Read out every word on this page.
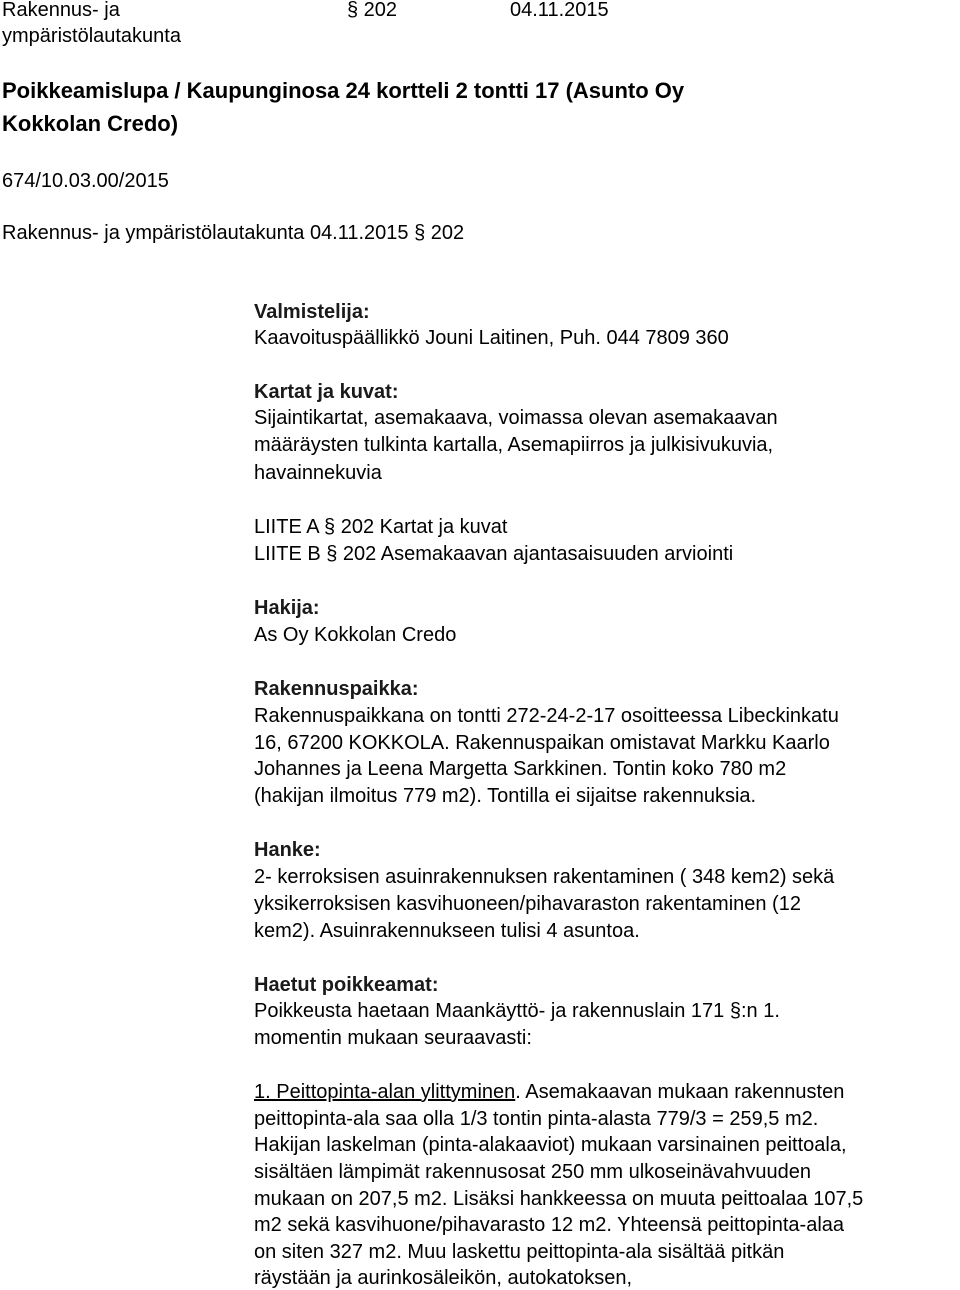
Rakennus- ja
ympäristölautakunta
§ 202	04.11.2015
Poikkeamislupa / Kaupunginosa 24 kortteli 2 tontti 17 (Asunto Oy
Kokkolan Credo)
674/10.03.00/2015
Rakennus- ja ympäristölautakunta 04.11.2015 § 202
Valmistelija:
Kaavoituspäällikkö Jouni Laitinen, Puh. 044 7809 360
Kartat ja kuvat:
Sijaintikartat, asemakaava, voimassa olevan asemakaavan
määräysten tulkinta kartalla, Asemapiirros ja julkisivukuvia,
havainnekuvia
LIITE A § 202 Kartat ja kuvat
LIITE B § 202 Asemakaavan ajantasaisuuden arviointi
Hakija:
As Oy Kokkolan Credo
Rakennuspaikka:
Rakennuspaikkana on tontti 272-24-2-17 osoitteessa Libeckinkatu
16, 67200 KOKKOLA. Rakennuspaikan omistavat Markku Kaarlo
Johannes ja Leena Margetta Sarkkinen. Tontin koko 780 m2
(hakijan ilmoitus 779 m2). Tontilla ei sijaitse rakennuksia.
Hanke:
2- kerroksisen asuinrakennuksen rakentaminen ( 348 kem2) sekä
yksikerroksisen kasvihuoneen/pihavaraston rakentaminen (12
kem2). Asuinrakennukseen tulisi 4 asuntoa.
Haetut poikkeamat:
Poikkeusta haetaan Maankäyttö- ja rakennuslain 171 §:n 1.
momentin mukaan seuraavasti:
1. Peittopinta-alan ylittyminen. Asemakaavan mukaan rakennusten
peittopinta-ala saa olla 1/3 tontin pinta-alasta 779/3 = 259,5 m2.
Hakijan laskelman (pinta-alakaaviot) mukaan varsinainen peittoala,
sisältäen lämpimät rakennusosat 250 mm ulkoseinävahvuuden
mukaan on 207,5 m2. Lisäksi hankkeessa on muuta peittoalaa 107,5
m2 sekä kasvihuone/pihavarasto 12 m2. Yhteensä peittopinta-alaa
on siten 327 m2. Muu laskettu peittopinta-ala sisältää pitkän
räystään ja aurinkosäleikön, autokatoksen,
